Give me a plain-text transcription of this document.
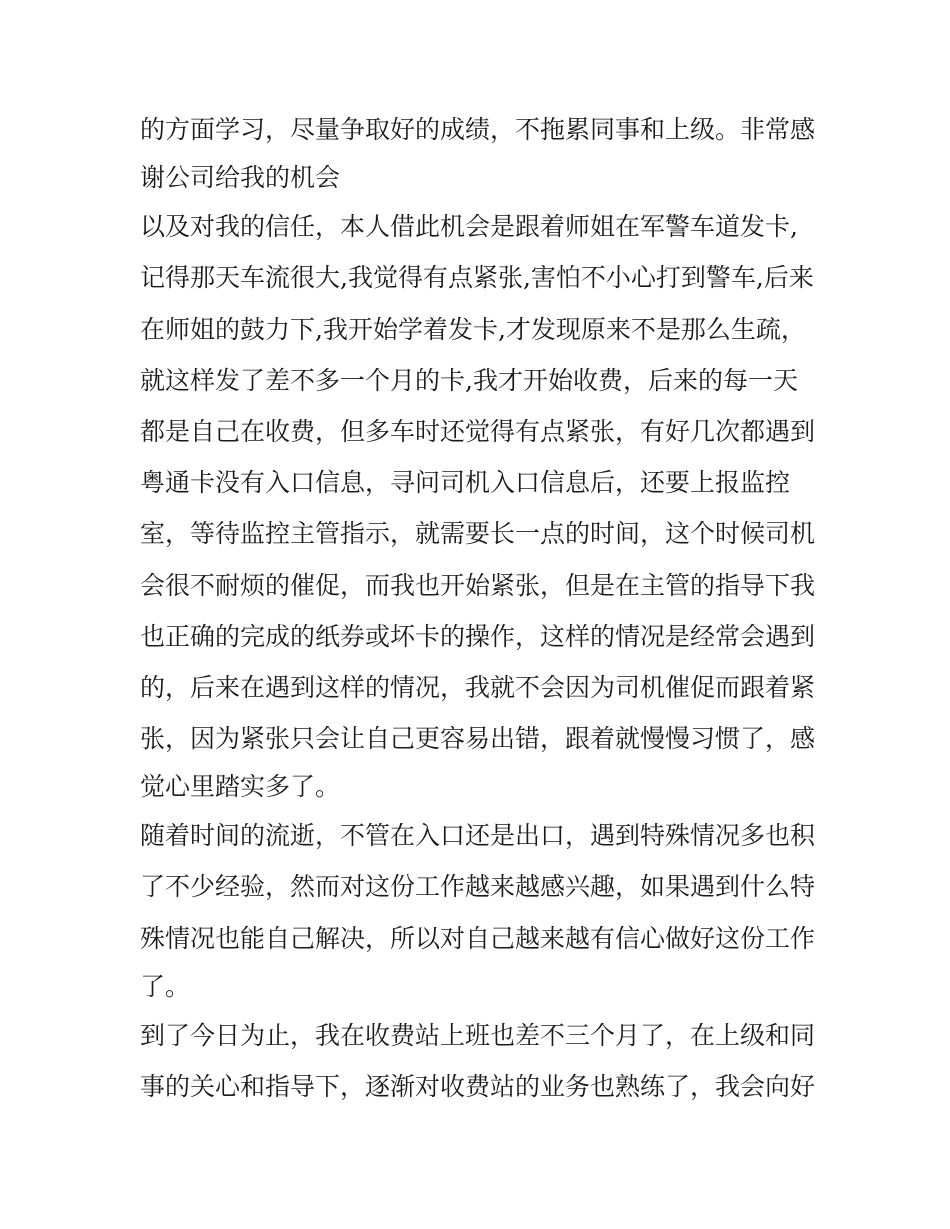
的方面学习，尽量争取好的成绩，不拖累同事和上级。非常感
谢公司给我的机会
以及对我的信任，本人借此机会是跟着师姐在军警车道发卡,
记得那天车流很大,我觉得有点紧张,害怕不小心打到警车,后来
在师姐的鼓力下,我开始学着发卡,才发现原来不是那么生疏，
就这样发了差不多一个月的卡,我才开始收费，后来的每一天
都是自己在收费，但多车时还觉得有点紧张，有好几次都遇到
粤通卡没有入口信息，寻问司机入口信息后，还要上报监控
室，等待监控主管指示，就需要长一点的时间，这个时候司机
会很不耐烦的催促，而我也开始紧张，但是在主管的指导下我
也正确的完成的纸券或坏卡的操作，这样的情况是经常会遇到
的，后来在遇到这样的情况，我就不会因为司机催促而跟着紧
张，因为紧张只会让自己更容易出错，跟着就慢慢习惯了，感
觉心里踏实多了。
随着时间的流逝，不管在入口还是出口，遇到特殊情况多也积
了不少经验，然而对这份工作越来越感兴趣，如果遇到什么特
殊情况也能自己解决，所以对自己越来越有信心做好这份工作
了。
到了今日为止，我在收费站上班也差不三个月了，在上级和同
事的关心和指导下，逐渐对收费站的业务也熟练了，我会向好
